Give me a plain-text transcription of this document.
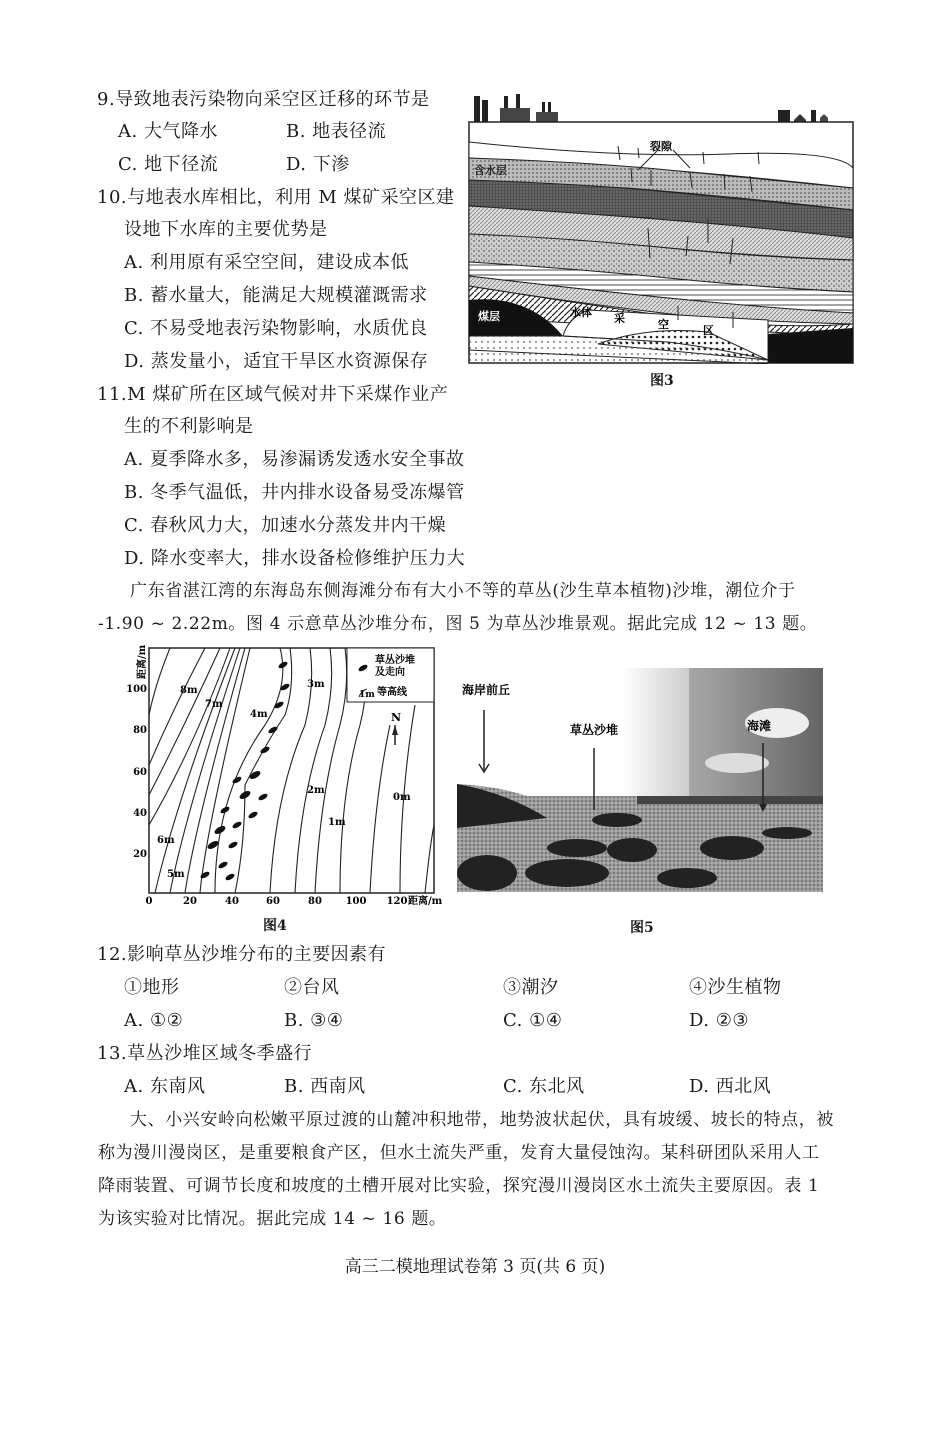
9.导致地表污染物向采空区迁移的环节是
A. 大气降水	B. 地表径流
C. 地下径流	D. 下渗
10.与地表水库相比，利用 M 煤矿采空区建
设地下水库的主要优势是
A. 利用原有采空空间，建设成本低
B. 蓄水量大，能满足大规模灌溉需求
C. 不易受地表污染物影响，水质优良
D. 蒸发量小，适宜干旱区水资源保存
11.M 煤矿所在区域气候对井下采煤作业产
生的不利影响是
A. 夏季降水多，易渗漏诱发透水安全事故
B. 冬季气温低，井内排水设备易受冻爆管
C. 春秋风力大，加速水分蒸发井内干燥
D. 降水变率大，排水设备检修维护压力大
裂隙
含水层
煤层	水体 采	空	区
图3
广东省湛江湾的东海岛东侧海滩分布有大小不等的草丛(沙生草本植物)沙堆，潮位介于
-1.90 ~ 2.22m。图 4 示意草丛沙堆分布，图 5 为草丛沙堆景观。据此完成 12 ~ 13 题。
距离/m
100
80
60
40
20
0	20	40	60	80 100 120 距离/m
8m
7m
6m
5m
4m
3m
2m
1m
0m
草丛沙堆
及走向
1m 等高线
N
图4
海岸前丘
草丛沙堆	海滩
图5
12.影响草丛沙堆分布的主要因素有
①地形	②台风	③潮汐	④沙生植物
A. ①②	B. ③④	C. ①④	D. ②③
13.草丛沙堆区域冬季盛行
A. 东南风	B. 西南风	C. 东北风	D. 西北风
大、小兴安岭向松嫩平原过渡的山麓冲积地带，地势波状起伏，具有坡缓、坡长的特点，被
称为漫川漫岗区，是重要粮食产区，但水土流失严重，发育大量侵蚀沟。某科研团队采用人工
降雨装置、可调节长度和坡度的土槽开展对比实验，探究漫川漫岗区水土流失主要原因。表 1
为该实验对比情况。据此完成 14 ~ 16 题。
高三二模地理试卷第 3 页(共 6 页)
